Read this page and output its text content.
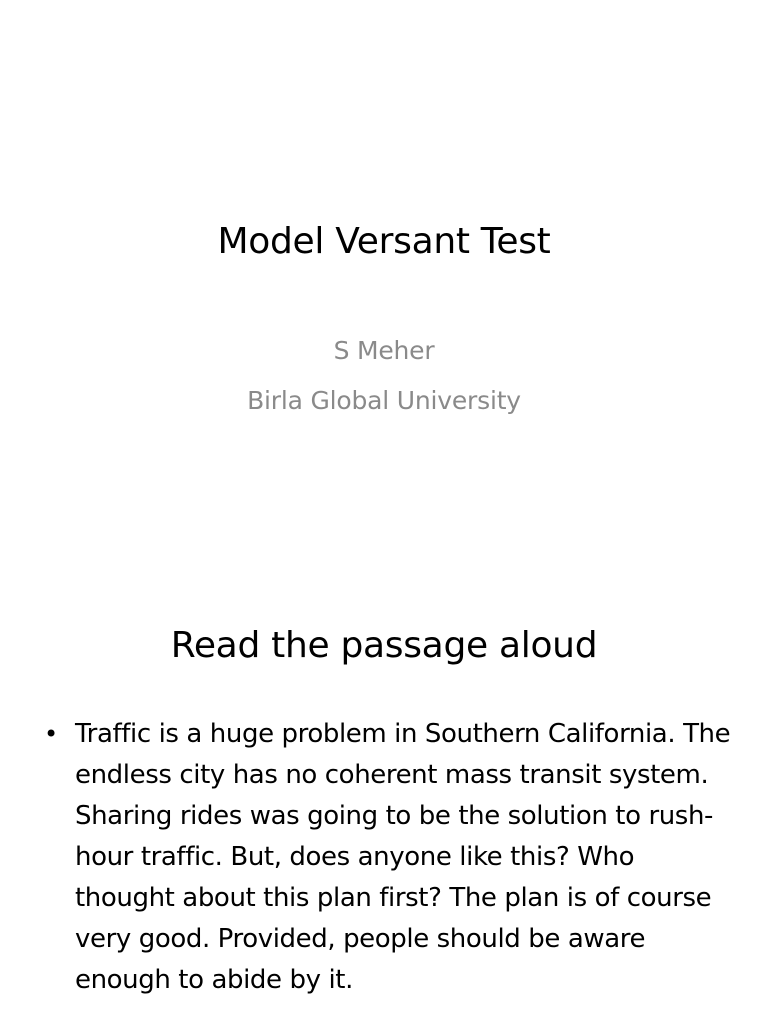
Model Versant Test
S Meher
Birla Global University
Read the passage aloud
• Traffic is a huge problem in Southern California. The endless city has no coherent mass transit system. Sharing rides was going to be the solution to rush-hour traffic. But, does anyone like this? Who thought about this plan first? The plan is of course very good. Provided, people should be aware enough to abide by it.
